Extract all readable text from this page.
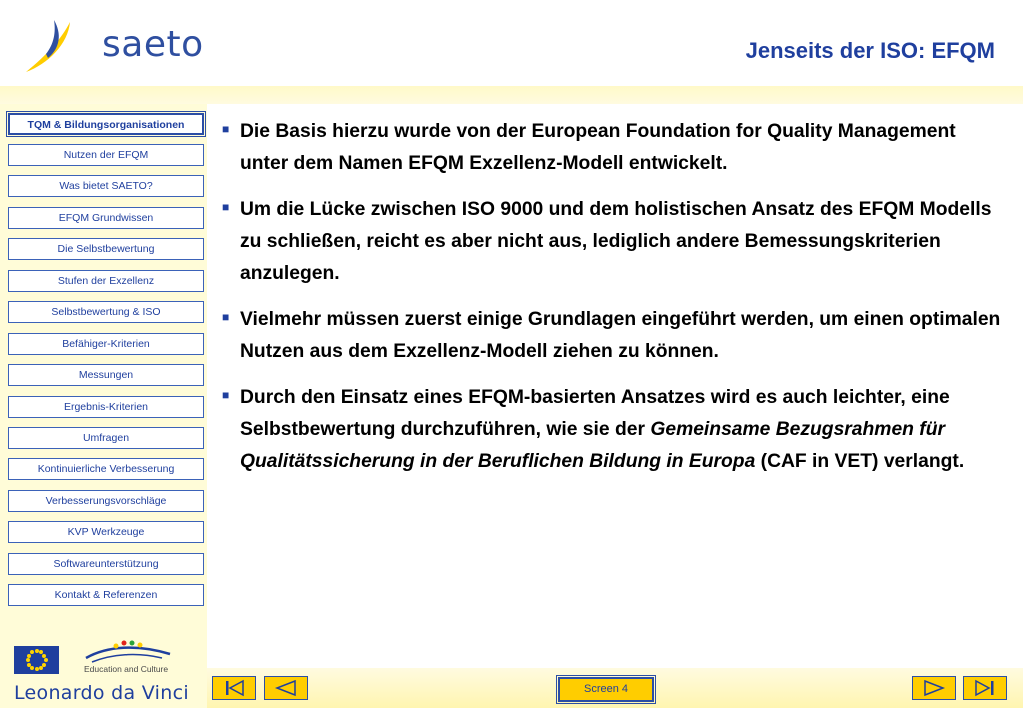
saeto	Jenseits der ISO: EFQM
TQM & Bildungsorganisationen
Nutzen der EFQM
Was bietet SAETO?
EFQM Grundwissen
Die Selbstbewertung
Stufen der Exzellenz
Selbstbewertung & ISO
Befähiger-Kriterien
Messungen
Ergebnis-Kriterien
Umfragen
Kontinuierliche Verbesserung
Verbesserungsvorschläge
KVP Werkzeuge
Softwareunterstützung
Kontakt & Referenzen
Education and Culture
Leonardo da Vinci
■ Die Basis hierzu wurde von der European Foundation for Quality Management unter dem Namen EFQM Exzellenz-Modell entwickelt.
■ Um die Lücke zwischen ISO 9000 und dem holistischen Ansatz des EFQM Modells zu schließen, reicht es aber nicht aus, lediglich andere Bemessungskriterien anzulegen.
■ Vielmehr müssen zuerst einige Grundlagen eingeführt werden, um einen optimalen Nutzen aus dem Exzellenz-Modell ziehen zu können.
■ Durch den Einsatz eines EFQM-basierten Ansatzes wird es auch leichter, eine Selbstbewertung durchzuführen, wie sie der Gemeinsame Bezugsrahmen für Qualitätssicherung in der Beruflichen Bildung in Europa (CAF in VET) verlangt.
Screen 4
